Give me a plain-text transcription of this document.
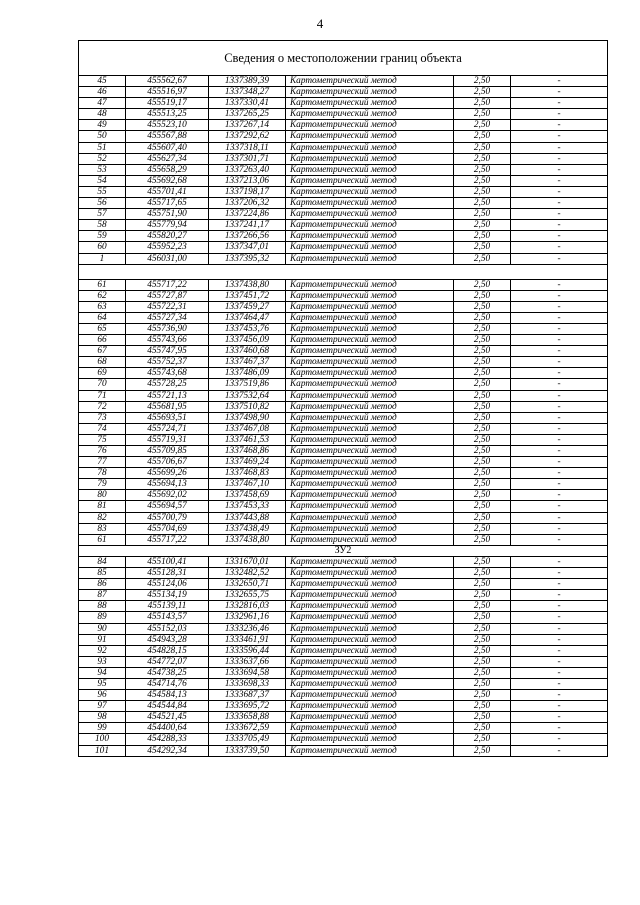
4
Сведения о местоположении границ объекта
45	455562,67	1337389,39	Картометрический метод	2,50	-
46	455516,97	1337348,27	Картометрический метод	2,50	-
47	455519,17	1337330,41	Картометрический метод	2,50	-
48	455513,25	1337265,25	Картометрический метод	2,50	-
49	455523,10	1337267,14	Картометрический метод	2,50	-
50	455567,88	1337292,62	Картометрический метод	2,50	-
51	455607,40	1337318,11	Картометрический метод	2,50	-
52	455627,34	1337301,71	Картометрический метод	2,50	-
53	455658,29	1337263,40	Картометрический метод	2,50	-
54	455692,68	1337213,06	Картометрический метод	2,50	-
55	455701,41	1337198,17	Картометрический метод	2,50	-
56	455717,65	1337206,32	Картометрический метод	2,50	-
57	455751,90	1337224,86	Картометрический метод	2,50	-
58	455779,94	1337241,17	Картометрический метод	2,50	-
59	455820,27	1337266,56	Картометрический метод	2,50	-
60	455952,23	1337347,01	Картометрический метод	2,50	-
1	456031,00	1337395,32	Картометрический метод	2,50	-

61	455717,22	1337438,80	Картометрический метод	2,50	-
62	455727,87	1337451,72	Картометрический метод	2,50	-
63	455722,31	1337459,27	Картометрический метод	2,50	-
64	455727,34	1337464,47	Картометрический метод	2,50	-
65	455736,90	1337453,76	Картометрический метод	2,50	-
66	455743,66	1337456,09	Картометрический метод	2,50	-
67	455747,95	1337460,68	Картометрический метод	2,50	-
68	455752,37	1337467,37	Картометрический метод	2,50	-
69	455743,68	1337486,09	Картометрический метод	2,50	-
70	455728,25	1337519,86	Картометрический метод	2,50	-
71	455721,13	1337532,64	Картометрический метод	2,50	-
72	455681,95	1337510,82	Картометрический метод	2,50	-
73	455693,51	1337498,90	Картометрический метод	2,50	-
74	455724,71	1337467,08	Картометрический метод	2,50	-
75	455719,31	1337461,53	Картометрический метод	2,50	-
76	455709,85	1337468,86	Картометрический метод	2,50	-
77	455706,67	1337469,24	Картометрический метод	2,50	-
78	455699,26	1337468,83	Картометрический метод	2,50	-
79	455694,13	1337467,10	Картометрический метод	2,50	-
80	455692,02	1337458,69	Картометрический метод	2,50	-
81	455694,57	1337453,33	Картометрический метод	2,50	-
82	455700,79	1337443,88	Картометрический метод	2,50	-
83	455704,69	1337438,49	Картометрический метод	2,50	-
61	455717,22	1337438,80	Картометрический метод	2,50	-
ЗУ2					
84	455100,41	1331670,01	Картометрический метод	2,50	-
85	455128,31	1332482,52	Картометрический метод	2,50	-
86	455124,06	1332650,71	Картометрический метод	2,50	-
87	455134,19	1332655,75	Картометрический метод	2,50	-
88	455139,11	1332816,03	Картометрический метод	2,50	-
89	455143,57	1332961,16	Картометрический метод	2,50	-
90	455152,03	1333236,46	Картометрический метод	2,50	-
91	454943,28	1333461,91	Картометрический метод	2,50	-
92	454828,15	1333596,44	Картометрический метод	2,50	-
93	454772,07	1333637,66	Картометрический метод	2,50	-
94	454738,25	1333694,58	Картометрический метод	2,50	-
95	454714,76	1333698,33	Картометрический метод	2,50	-
96	454584,13	1333687,37	Картометрический метод	2,50	-
97	454544,84	1333695,72	Картометрический метод	2,50	-
98	454521,45	1333658,88	Картометрический метод	2,50	-
99	454400,64	1333672,59	Картометрический метод	2,50	-
100	454288,33	1333705,49	Картометрический метод	2,50	-
101	454292,34	1333739,50	Картометрический метод	2,50	-
